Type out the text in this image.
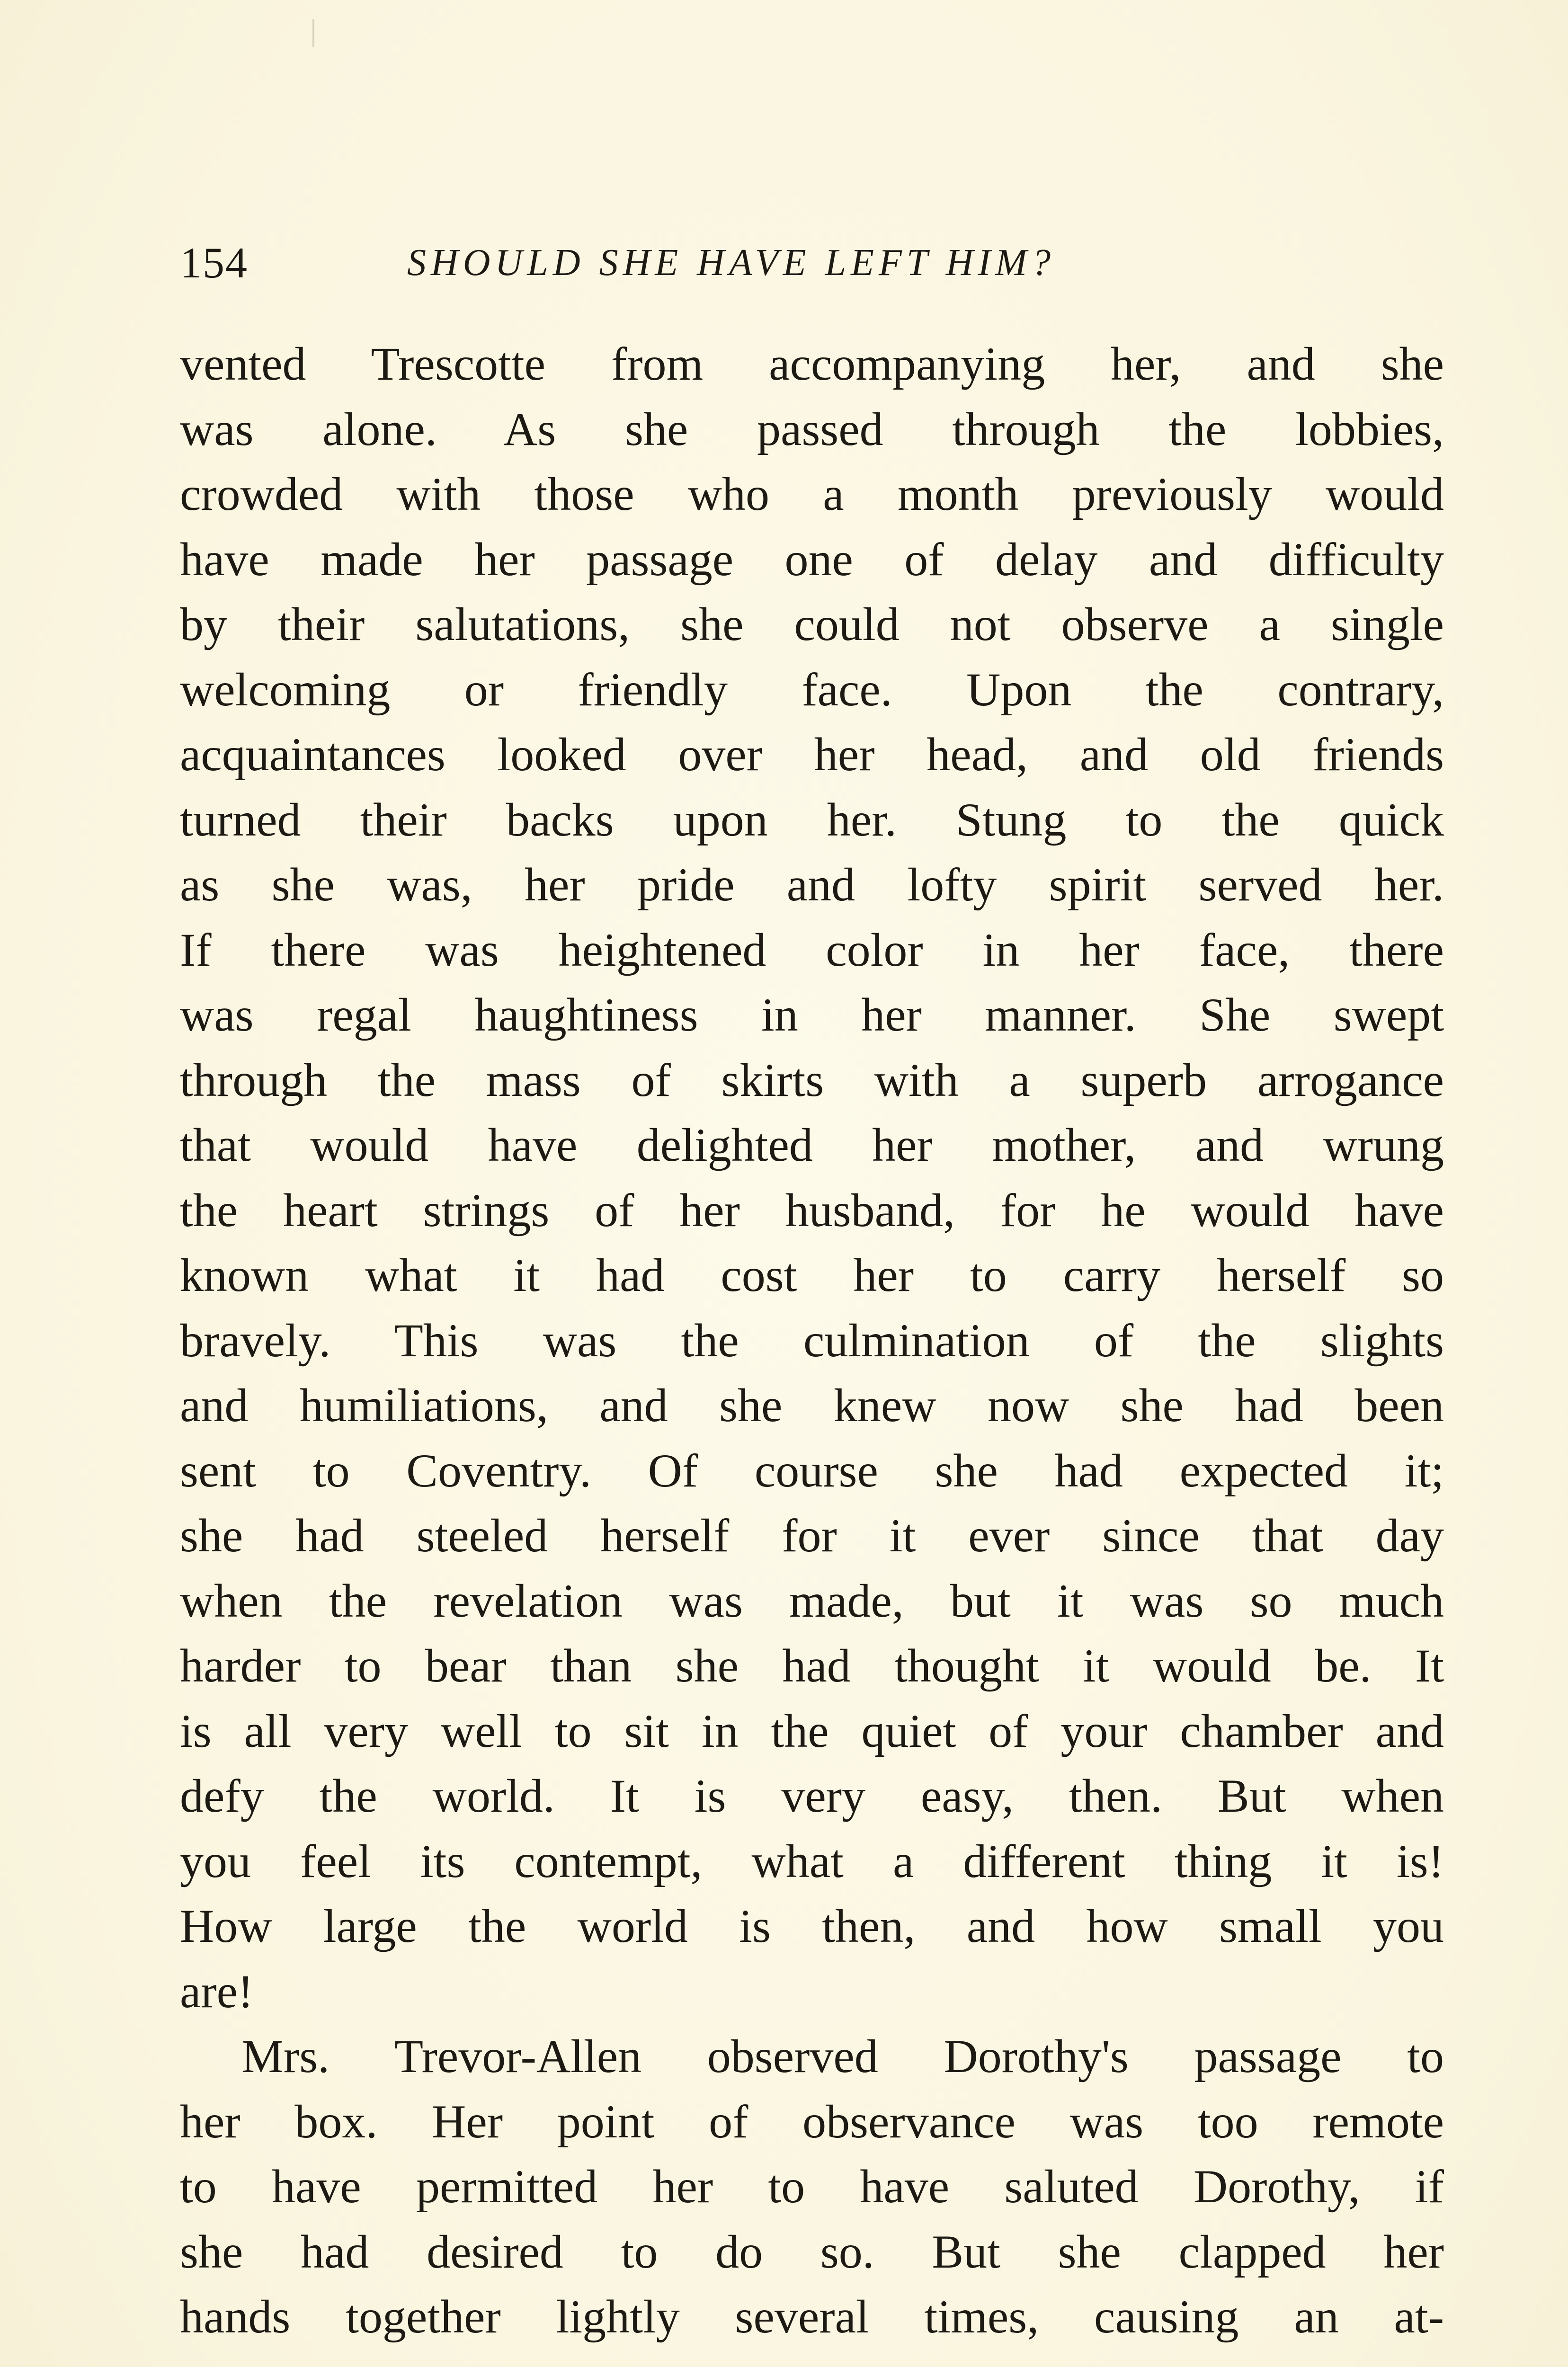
154	SHOULD SHE HAVE LEFT HIM?
vented Trescotte from accompanying her, and she
was alone. As she passed through the lobbies,
crowded with those who a month previously would
have made her passage one of delay and difficulty
by their salutations, she could not observe a single
welcoming or friendly face. Upon the contrary,
acquaintances looked over her head, and old friends
turned their backs upon her. Stung to the quick
as she was, her pride and lofty spirit served her.
If there was heightened color in her face, there
was regal haughtiness in her manner. She swept
through the mass of skirts with a superb arrogance
that would have delighted her mother, and wrung
the heart strings of her husband, for he would have
known what it had cost her to carry herself so
bravely. This was the culmination of the slights
and humiliations, and she knew now she had been
sent to Coventry. Of course she had expected it;
she had steeled herself for it ever since that day
when the revelation was made, but it was so much
harder to bear than she had thought it would be. It
is all very well to sit in the quiet of your chamber and
defy the world. It is very easy, then. But when
you feel its contempt, what a different thing it is!
How large the world is then, and how small you
are!
Mrs. Trevor-Allen observed Dorothy's passage to
her box. Her point of observance was too remote
to have permitted her to have saluted Dorothy, if
she had desired to do so. But she clapped her
hands together lightly several times, causing an at-
